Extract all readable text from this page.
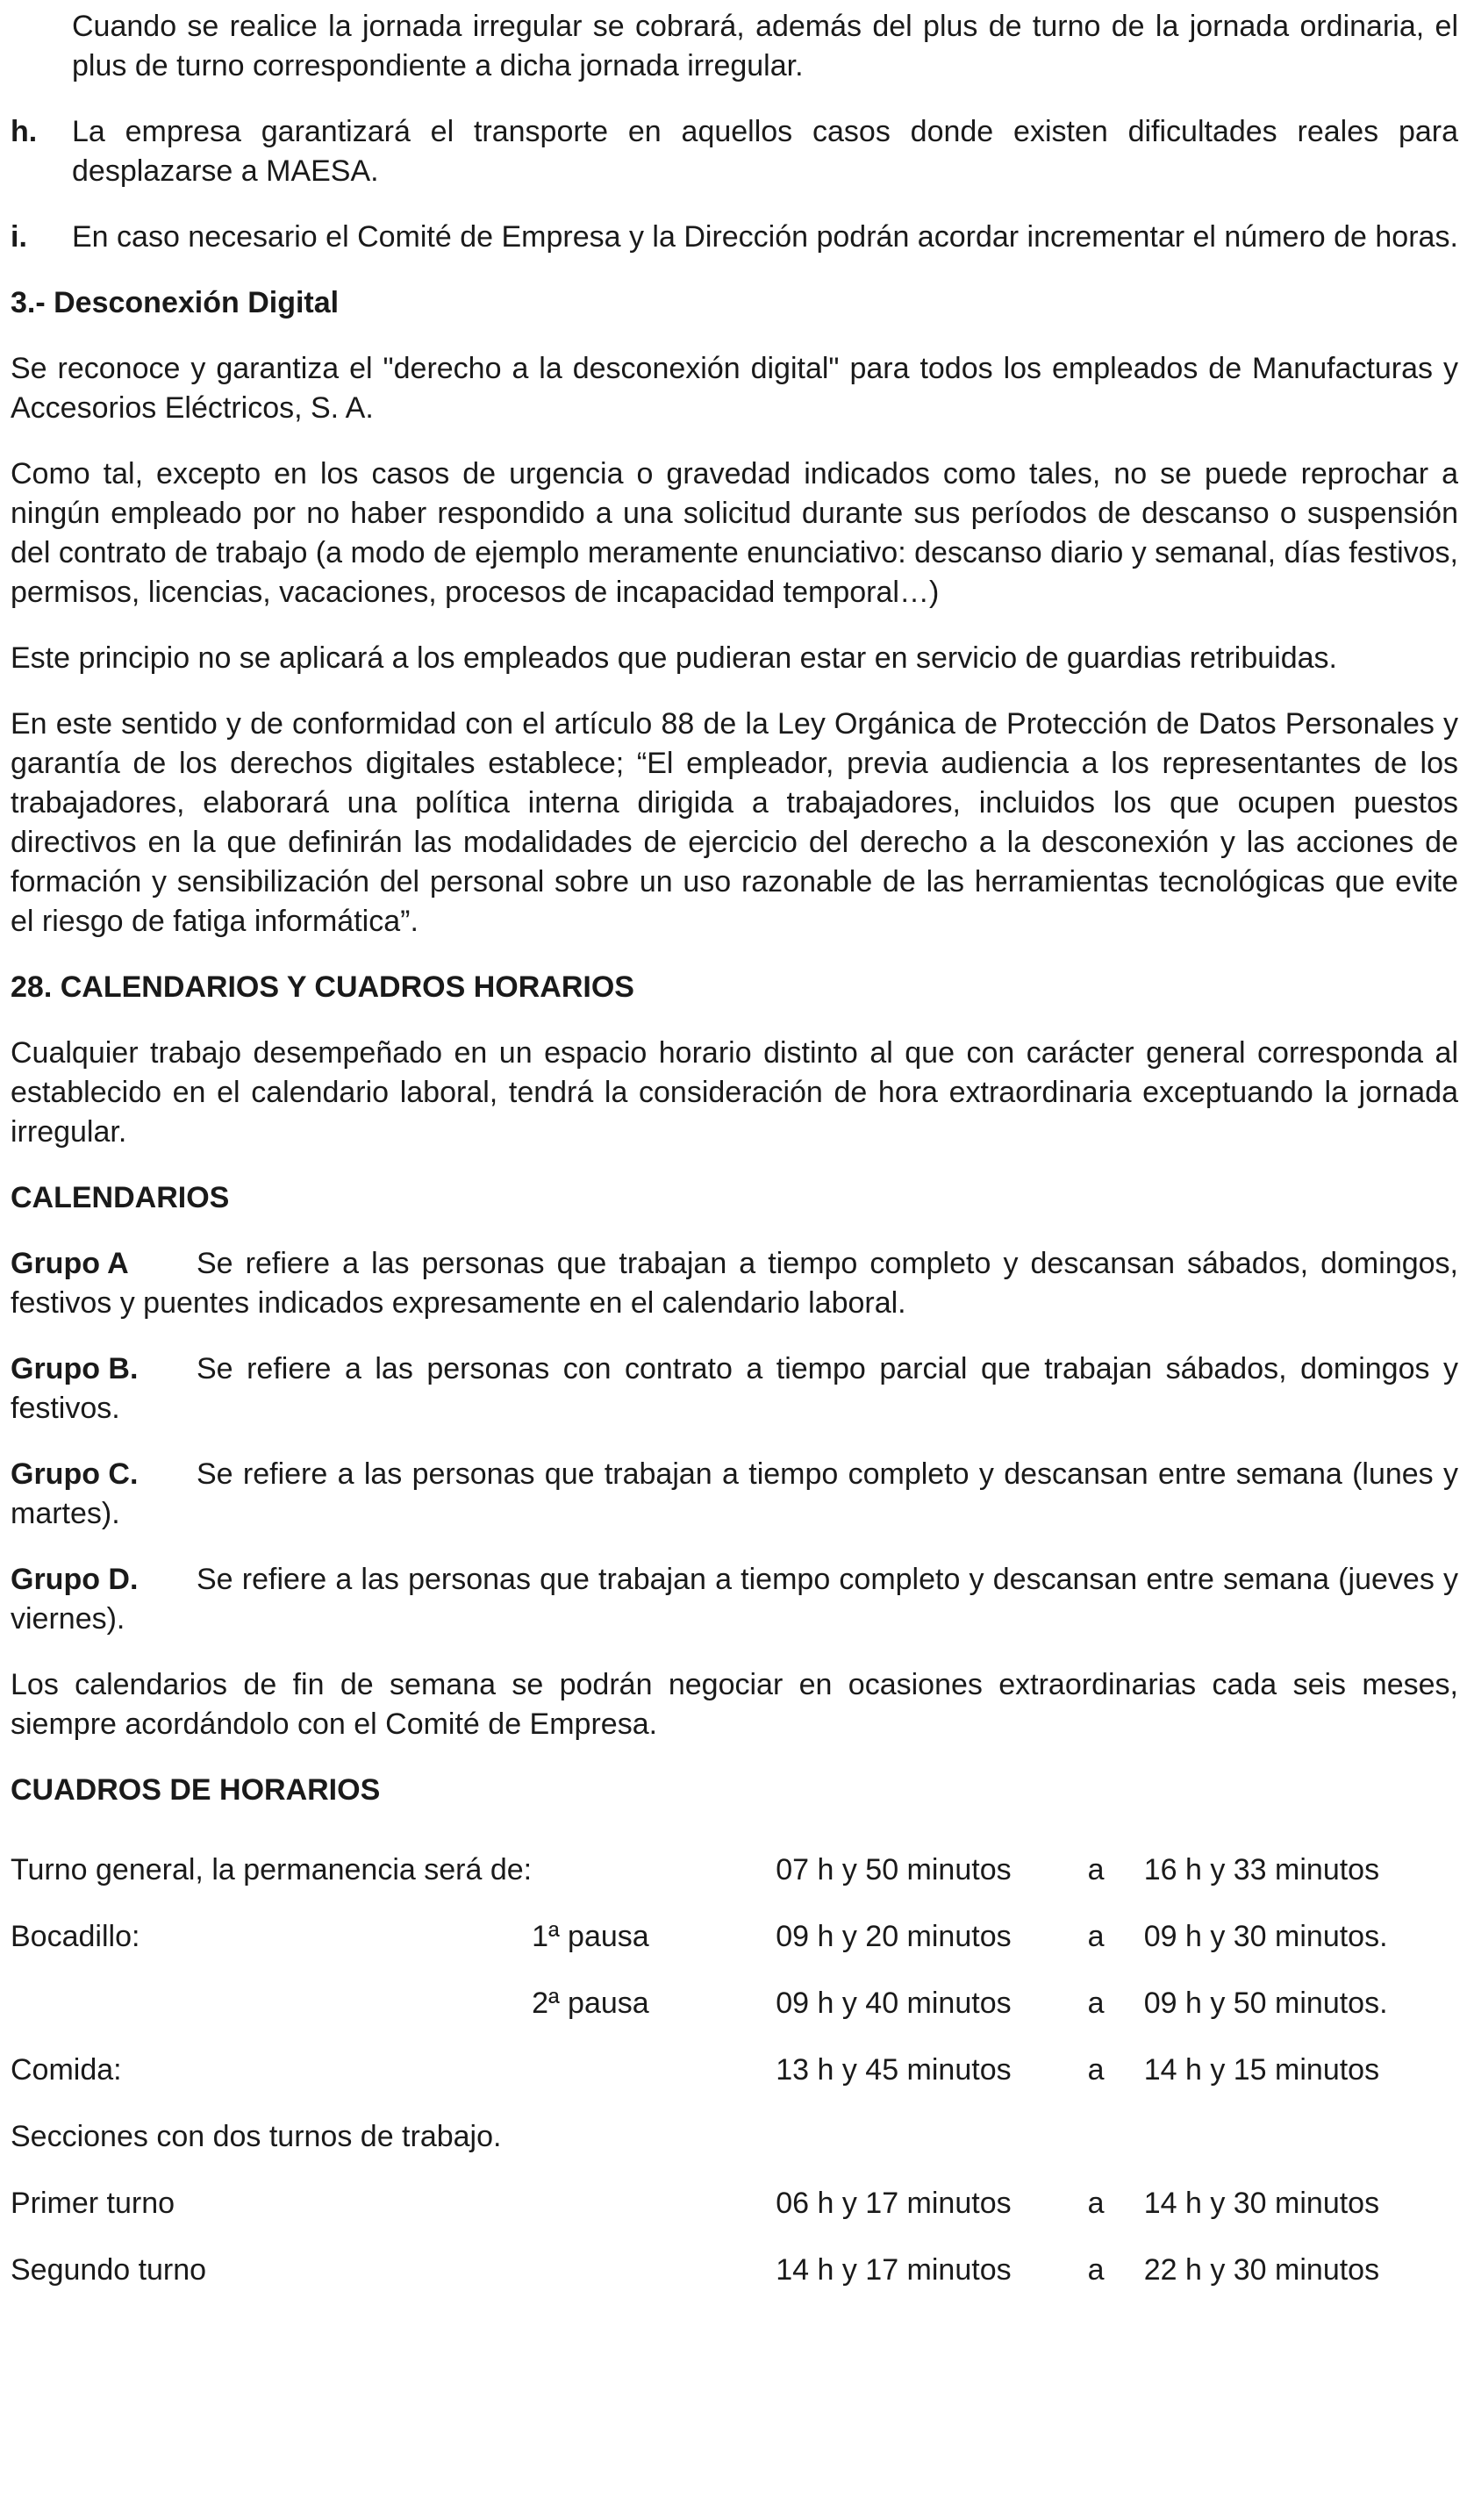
Cuando se realice la jornada irregular se cobrará, además del plus de turno de la jornada ordinaria, el plus de turno correspondiente a dicha jornada irregular.

h. La empresa garantizará el transporte en aquellos casos donde existen dificultades reales para desplazarse a MAESA.

i. En caso necesario el Comité de Empresa y la Dirección podrán acordar incrementar el número de horas.

3.- Desconexión Digital

Se reconoce y garantiza el "derecho a la desconexión digital" para todos los empleados de Manufacturas y Accesorios Eléctricos, S. A.

Como tal, excepto en los casos de urgencia o gravedad indicados como tales, no se puede reprochar a ningún empleado por no haber respondido a una solicitud durante sus períodos de descanso o suspensión del contrato de trabajo (a modo de ejemplo meramente enunciativo: descanso diario y semanal, días festivos, permisos, licencias, vacaciones, procesos de incapacidad temporal…)

Este principio no se aplicará a los empleados que pudieran estar en servicio de guardias retribuidas.

En este sentido y de conformidad con el artículo 88 de la Ley Orgánica de Protección de Datos Personales y garantía de los derechos digitales establece; “El empleador, previa audiencia a los representantes de los trabajadores, elaborará una política interna dirigida a trabajadores, incluidos los que ocupen puestos directivos en la que definirán las modalidades de ejercicio del derecho a la desconexión y las acciones de formación y sensibilización del personal sobre un uso razonable de las herramientas tecnológicas que evite el riesgo de fatiga informática”.

28. CALENDARIOS Y CUADROS HORARIOS

Cualquier trabajo desempeñado en un espacio horario distinto al que con carácter general corresponda al establecido en el calendario laboral, tendrá la consideración de hora extraordinaria exceptuando la jornada irregular.

CALENDARIOS

Grupo A Se refiere a las personas que trabajan a tiempo completo y descansan sábados, domingos, festivos y puentes indicados expresamente en el calendario laboral.

Grupo B. Se refiere a las personas con contrato a tiempo parcial que trabajan sábados, domingos y festivos.

Grupo C. Se refiere a las personas que trabajan a tiempo completo y descansan entre semana (lunes y martes).

Grupo D. Se refiere a las personas que trabajan a tiempo completo y descansan entre semana (jueves y viernes).

Los calendarios de fin de semana se podrán negociar en ocasiones extraordinarias cada seis meses, siempre acordándolo con el Comité de Empresa.

CUADROS DE HORARIOS

Turno general, la permanencia será de:		07 h y 50 minutos	a	16 h y 33 minutos
Bocadillo:	1ª pausa	09 h y 20 minutos	a	09 h y 30 minutos.
	2ª pausa	09 h y 40 minutos	a	09 h y 50 minutos.
Comida:		13 h y 45 minutos	a	14 h y 15 minutos
Secciones con dos turnos de trabajo.				
Primer turno		06 h y 17 minutos	a	14 h y 30 minutos
Segundo turno		14 h y 17 minutos	a	22 h y 30 minutos
